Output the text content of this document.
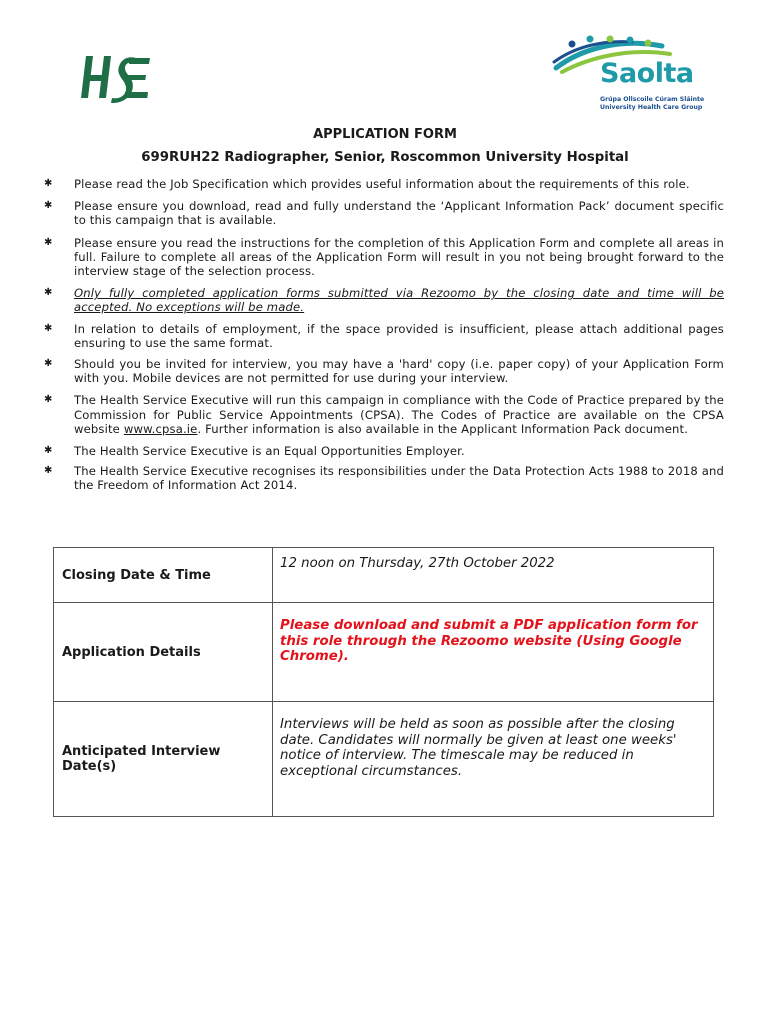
Saolta
Grúpa Ollscoile Cúram Sláinte
University Health Care Group
APPLICATION FORM
699RUH22 Radiographer, Senior, Roscommon University Hospital
✱ Please read the Job Specification which provides useful information about the requirements of this role.
✱ Please ensure you download, read and fully understand the ‘Applicant Information Pack’ document specific to this campaign that is available.
✱ Please ensure you read the instructions for the completion of this Application Form and complete all areas in full. Failure to complete all areas of the Application Form will result in you not being brought forward to the interview stage of the selection process.
✱ Only fully completed application forms submitted via Rezoomo by the closing date and time will be accepted. No exceptions will be made.
✱ In relation to details of employment, if the space provided is insufficient, please attach additional pages ensuring to use the same format.
✱ Should you be invited for interview, you may have a 'hard' copy (i.e. paper copy) of your Application Form with you. Mobile devices are not permitted for use during your interview.
✱ The Health Service Executive will run this campaign in compliance with the Code of Practice prepared by the Commission for Public Service Appointments (CPSA). The Codes of Practice are available on the CPSA website www.cpsa.ie. Further information is also available in the Applicant Information Pack document.
✱ The Health Service Executive is an Equal Opportunities Employer.
✱ The Health Service Executive recognises its responsibilities under the Data Protection Acts 1988 to 2018 and the Freedom of Information Act 2014.
Closing Date & Time	12 noon on Thursday, 27th October 2022
Application Details	Please download and submit a PDF application form for this role through the Rezoomo website (Using Google Chrome).
Anticipated Interview Date(s)	Interviews will be held as soon as possible after the closing date. Candidates will normally be given at least one weeks' notice of interview. The timescale may be reduced in exceptional circumstances.
